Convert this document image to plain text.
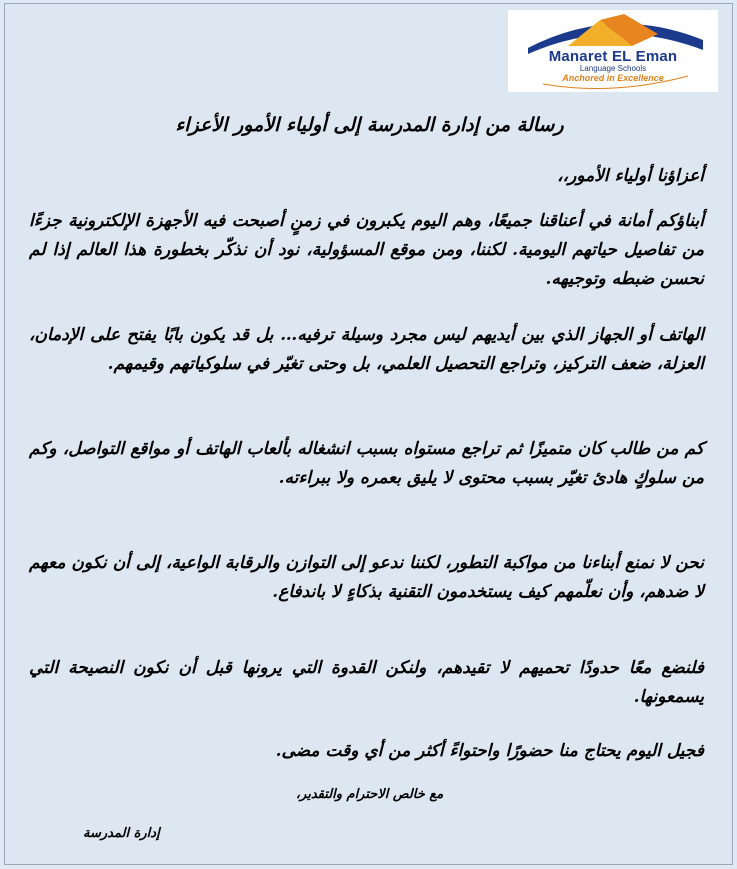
Manaret EL Eman
Language Schools
Anchored in Excellence
رسالة من إدارة المدرسة إلى أولياء الأمور الأعزاء
أعزاؤنا أولياء الأمور،،
أبناؤكم أمانة في أعناقنا جميعًا، وهم اليوم يكبرون في زمنٍ أصبحت فيه الأجهزة الإلكترونية جزءًا من تفاصيل حياتهم اليومية. لكننا، ومن موقع المسؤولية، نود أن نذكّر بخطورة هذا العالم إذا لم نحسن ضبطه وتوجيهه.
الهاتف أو الجهاز الذي بين أيديهم ليس مجرد وسيلة ترفيه… بل قد يكون بابًا يفتح على الإدمان، العزلة، ضعف التركيز، وتراجع التحصيل العلمي، بل وحتى تغيّر في سلوكياتهم وقيمهم.
كم من طالب كان متميزًا ثم تراجع مستواه بسبب انشغاله بألعاب الهاتف أو مواقع التواصل، وكم من سلوكٍ هادئ تغيّر بسبب محتوى لا يليق بعمره ولا ببراءته.
نحن لا نمنع أبناءنا من مواكبة التطور، لكننا ندعو إلى التوازن والرقابة الواعية، إلى أن نكون معهم لا ضدهم، وأن نعلّمهم كيف يستخدمون التقنية بذكاءٍ لا باندفاع.
فلنضع معًا حدودًا تحميهم لا تقيدهم، ولنكن القدوة التي يرونها قبل أن نكون النصيحة التي يسمعونها.
فجيل اليوم يحتاج منا حضورًا واحتواءً أكثر من أي وقت مضى.
مع خالص الاحترام والتقدير،
إدارة المدرسة
